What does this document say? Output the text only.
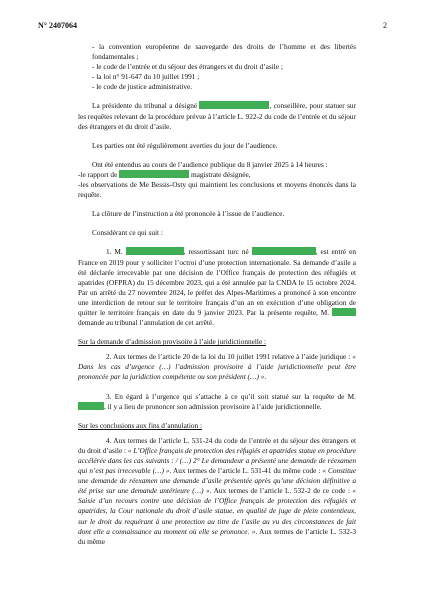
N° 2407064	2

- la convention européenne de sauvegarde des droits de l’homme et des libertés fondamentales ;

- le code de l’entrée et du séjour des étrangers et du droit d’asile ;

- la loi n° 91-647 du 10 juillet 1991 ;

- le code de justice administrative.

La présidente du tribunal a désigné	, conseillère, pour statuer sur les requêtes relevant de la procédure prévue à l’article L. 922-2 du code de l’entrée et du séjour des étrangers et du droit d’asile.

Les parties ont été régulièrement averties du jour de l’audience.

Ont été entendus au cours de l’audience publique du 8 janvier 2025 à 14 heures :

-le rapport de	magistrate désignée,

-les observations de Me Bessis-Osty qui maintient les conclusions et moyens énoncés dans la requête.

La clôture de l’instruction a été prononcée à l’issue de l’audience.

Considérant ce qui suit :

1. M.	, ressortissant turc né	, est entré en France en 2019 pour y solliciter l’octroi d’une protection internationale. Sa demande d’asile a été déclarée irrecevable par une décision de l’Office français de protection des réfugiés et apatrides (OFPRA) du 15 décembre 2023, qui a été annulée par la CNDA le 15 octobre 2024. Par un arrêté du 27 novembre 2024, le préfet des Alpes-Maritimes a prononcé à son encontre une interdiction de retour sur le territoire français d’un an en exécution d’une obligation de quitter le territoire français en date du 9 janvier 2023. Par la présente requête, M.  demande au tribunal l’annulation de cet arrêté.

Sur la demande d’admission provisoire à l’aide juridictionnelle :

2. Aux termes de l’article 20 de la loi du 10 juillet 1991 relative à l’aide juridique : « Dans les cas d’urgence (…) l’admission provisoire à l’aide juridictionnelle peut être prononcée par la juridiction compétente ou son président (…) ».

3. En égard à l’urgence qui s’attache à ce qu’il soit statué sur la requête de M. , il y a lieu de prononcer son admission provisoire à l’aide juridictionnelle.

Sur les conclusions aux fins d’annulation :

4. Aux termes de l’article L. 531-24 du code de l’entrée et du séjour des étrangers et du droit d’asile : « L’Office français de protection des réfugiés et apatrides statue en procédure accélérée dans les cas suivants : / (…) 2° Le demandeur a présenté une demande de réexamen qui n’est pas irrecevable (…) ». Aux termes de l’article L. 531-41 du même code : « Constitue une demande de réexamen une demande d’asile présentée après qu’une décision définitive a été prise sur une demande antérieure (…) ». Aux termes de l’article L. 532-2 de ce code : « Saisie d’un recours contre une décision de l’Office français de protection des réfugiés et apatrides, la Cour nationale du droit d’asile statue, en qualité de juge de plein contentieux, sur le droit du requérant à une protection au titre de l’asile au vu des circonstances de fait dont elle a connaissance au moment où elle se prononce. ». Aux termes de l’article L. 532-3 du même
